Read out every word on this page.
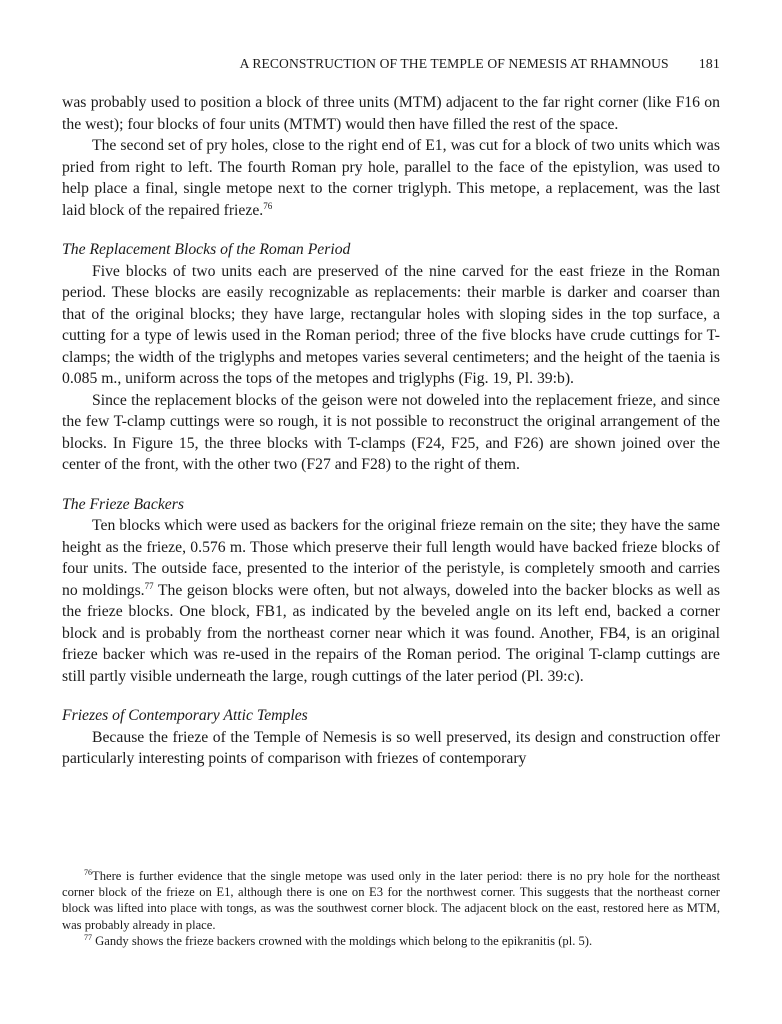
A RECONSTRUCTION OF THE TEMPLE OF NEMESIS AT RHAMNOUS 181

was probably used to position a block of three units (MTM) adjacent to the far right corner (like F16 on the west); four blocks of four units (MTMT) would then have filled the rest of the space.

The second set of pry holes, close to the right end of E1, was cut for a block of two units which was pried from right to left. The fourth Roman pry hole, parallel to the face of the epistylion, was used to help place a final, single metope next to the corner triglyph. This metope, a replacement, was the last laid block of the repaired frieze.$^{76}$

The Replacement Blocks of the Roman Period

Five blocks of two units each are preserved of the nine carved for the east frieze in the Roman period. These blocks are easily recognizable as replacements: their marble is darker and coarser than that of the original blocks; they have large, rectangular holes with sloping sides in the top surface, a cutting for a type of lewis used in the Roman period; three of the five blocks have crude cuttings for T-clamps; the width of the triglyphs and metopes varies several centimeters; and the height of the taenia is 0.085 m., uniform across the tops of the metopes and triglyphs (Fig. 19, Pl. 39:b).

Since the replacement blocks of the geison were not doweled into the replacement frieze, and since the few T-clamp cuttings were so rough, it is not possible to reconstruct the original arrangement of the blocks. In Figure 15, the three blocks with T-clamps (F24, F25, and F26) are shown joined over the center of the front, with the other two (F27 and F28) to the right of them.

The Frieze Backers

Ten blocks which were used as backers for the original frieze remain on the site; they have the same height as the frieze, 0.576 m. Those which preserve their full length would have backed frieze blocks of four units. The outside face, presented to the interior of the peristyle, is completely smooth and carries no moldings.$^{77}$ The geison blocks were often, but not always, doweled into the backer blocks as well as the frieze blocks. One block, FB1, as indicated by the beveled angle on its left end, backed a corner block and is probably from the northeast corner near which it was found. Another, FB4, is an original frieze backer which was re-used in the repairs of the Roman period. The original T-clamp cuttings are still partly visible underneath the large, rough cuttings of the later period (Pl. 39:c).

Friezes of Contemporary Attic Temples

Because the frieze of the Temple of Nemesis is so well preserved, its design and construction offer particularly interesting points of comparison with friezes of contemporary

$^{76}$There is further evidence that the single metope was used only in the later period: there is no pry hole for the northeast corner block of the frieze on E1, although there is one on E3 for the northwest corner. This suggests that the northeast corner block was lifted into place with tongs, as was the southwest corner block. The adjacent block on the east, restored here as MTM, was probably already in place.

$^{77}$ Gandy shows the frieze backers crowned with the moldings which belong to the epikranitis (pl. 5).
